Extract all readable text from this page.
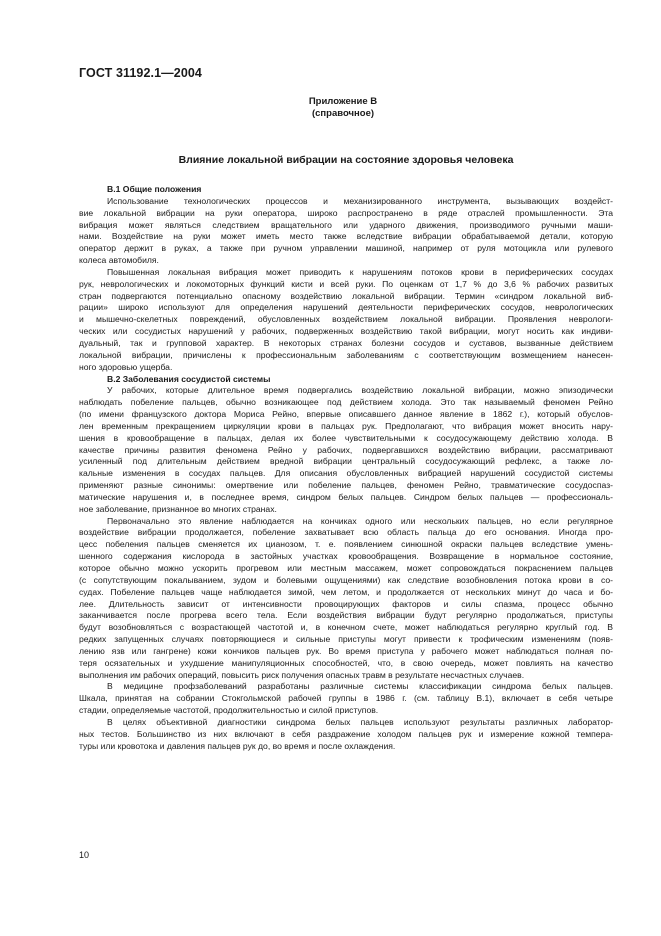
ГОСТ 31192.1—2004
Приложение В
(справочное)
Влияние локальной вибрации на состояние здоровья человека
В.1 Общие положения
Использование технологических процессов и механизированного инструмента, вызывающих воздейст-
вие локальной вибрации на руки оператора, широко распространено в ряде отраслей промышленности. Эта
вибрация может являться следствием вращательного или ударного движения, производимого ручными маши-
нами. Воздействие на руки может иметь место также вследствие вибрации обрабатываемой детали, которую
оператор держит в руках, а также при ручном управлении машиной, например от руля мотоцикла или рулевого
колеса автомобиля.
Повышенная локальная вибрация может приводить к нарушениям потоков крови в периферических сосудах
рук, неврологических и локомоторных функций кисти и всей руки. По оценкам от 1,7 % до 3,6 % рабочих развитых
стран подвергаются потенциально опасному воздействию локальной вибрации. Термин «синдром локальной виб-
рации» широко используют для определения нарушений деятельности периферических сосудов, неврологических
и мышечно-скелетных повреждений, обусловленных воздействием локальной вибрации. Проявления неврологи-
ческих или сосудистых нарушений у рабочих, подверженных воздействию такой вибрации, могут носить как индиви-
дуальный, так и групповой характер. В некоторых странах болезни сосудов и суставов, вызванные действием
локальной вибрации, причислены к профессиональным заболеваниям с соответствующим возмещением нанесен-
ного здоровью ущерба.
В.2 Заболевания сосудистой системы
У рабочих, которые длительное время подвергались воздействию локальной вибрации, можно эпизодически
наблюдать побеление пальцев, обычно возникающее под действием холода. Это так называемый феномен Рейно
(по имени французского доктора Мориса Рейно, впервые описавшего данное явление в 1862 г.), который обуслов-
лен временным прекращением циркуляции крови в пальцах рук. Предполагают, что вибрация может вносить нару-
шения в кровообращение в пальцах, делая их более чувствительными к сосудосужающему действию холода. В
качестве причины развития феномена Рейно у рабочих, подвергавшихся воздействию вибрации, рассматривают
усиленный под длительным действием вредной вибрации центральный сосудосужающий рефлекс, а также ло-
кальные изменения в сосудах пальцев. Для описания обусловленных вибрацией нарушений сосудистой системы
применяют разные синонимы: омертвение или побеление пальцев, феномен Рейно, травматические сосудоспаз-
матические нарушения и, в последнее время, синдром белых пальцев. Синдром белых пальцев — профессиональ-
ное заболевание, признанное во многих странах.
Первоначально это явление наблюдается на кончиках одного или нескольких пальцев, но если регулярное
воздействие вибрации продолжается, побеление захватывает всю область пальца до его основания. Иногда про-
цесс побеления пальцев сменяется их цианозом, т. е. появлением синюшной окраски пальцев вследствие умень-
шенного содержания кислорода в застойных участках кровообращения. Возвращение в нормальное состояние,
которое обычно можно ускорить прогревом или местным массажем, может сопровождаться покраснением пальцев
(с сопутствующим покалыванием, зудом и болевыми ощущениями) как следствие возобновления потока крови в со-
судах. Побеление пальцев чаще наблюдается зимой, чем летом, и продолжается от нескольких минут до часа и бо-
лее. Длительность зависит от интенсивности провоцирующих факторов и силы спазма, процесс обычно
заканчивается после прогрева всего тела. Если воздействия вибрации будут регулярно продолжаться, приступы
будут возобновляться с возрастающей частотой и, в конечном счете, может наблюдаться регулярно круглый год. В
редких запущенных случаях повторяющиеся и сильные приступы могут привести к трофическим изменениям (появ-
лению язв или гангрене) кожи кончиков пальцев рук. Во время приступа у рабочего может наблюдаться полная по-
теря осязательных и ухудшение манипуляционных способностей, что, в свою очередь, может повлиять на качество
выполнения им рабочих операций, повысить риск получения опасных травм в результате несчастных случаев.
В медицине профзаболеваний разработаны различные системы классификации синдрома белых пальцев.
Шкала, принятая на собрании Стокгольмской рабочей группы в 1986 г. (см. таблицу В.1), включает в себя четыре
стадии, определяемые частотой, продолжительностью и силой приступов.
В целях объективной диагностики синдрома белых пальцев используют результаты различных лаборатор-
ных тестов. Большинство из них включают в себя раздражение холодом пальцев рук и измерение кожной темпера-
туры или кровотока и давления пальцев рук до, во время и после охлаждения.
10
